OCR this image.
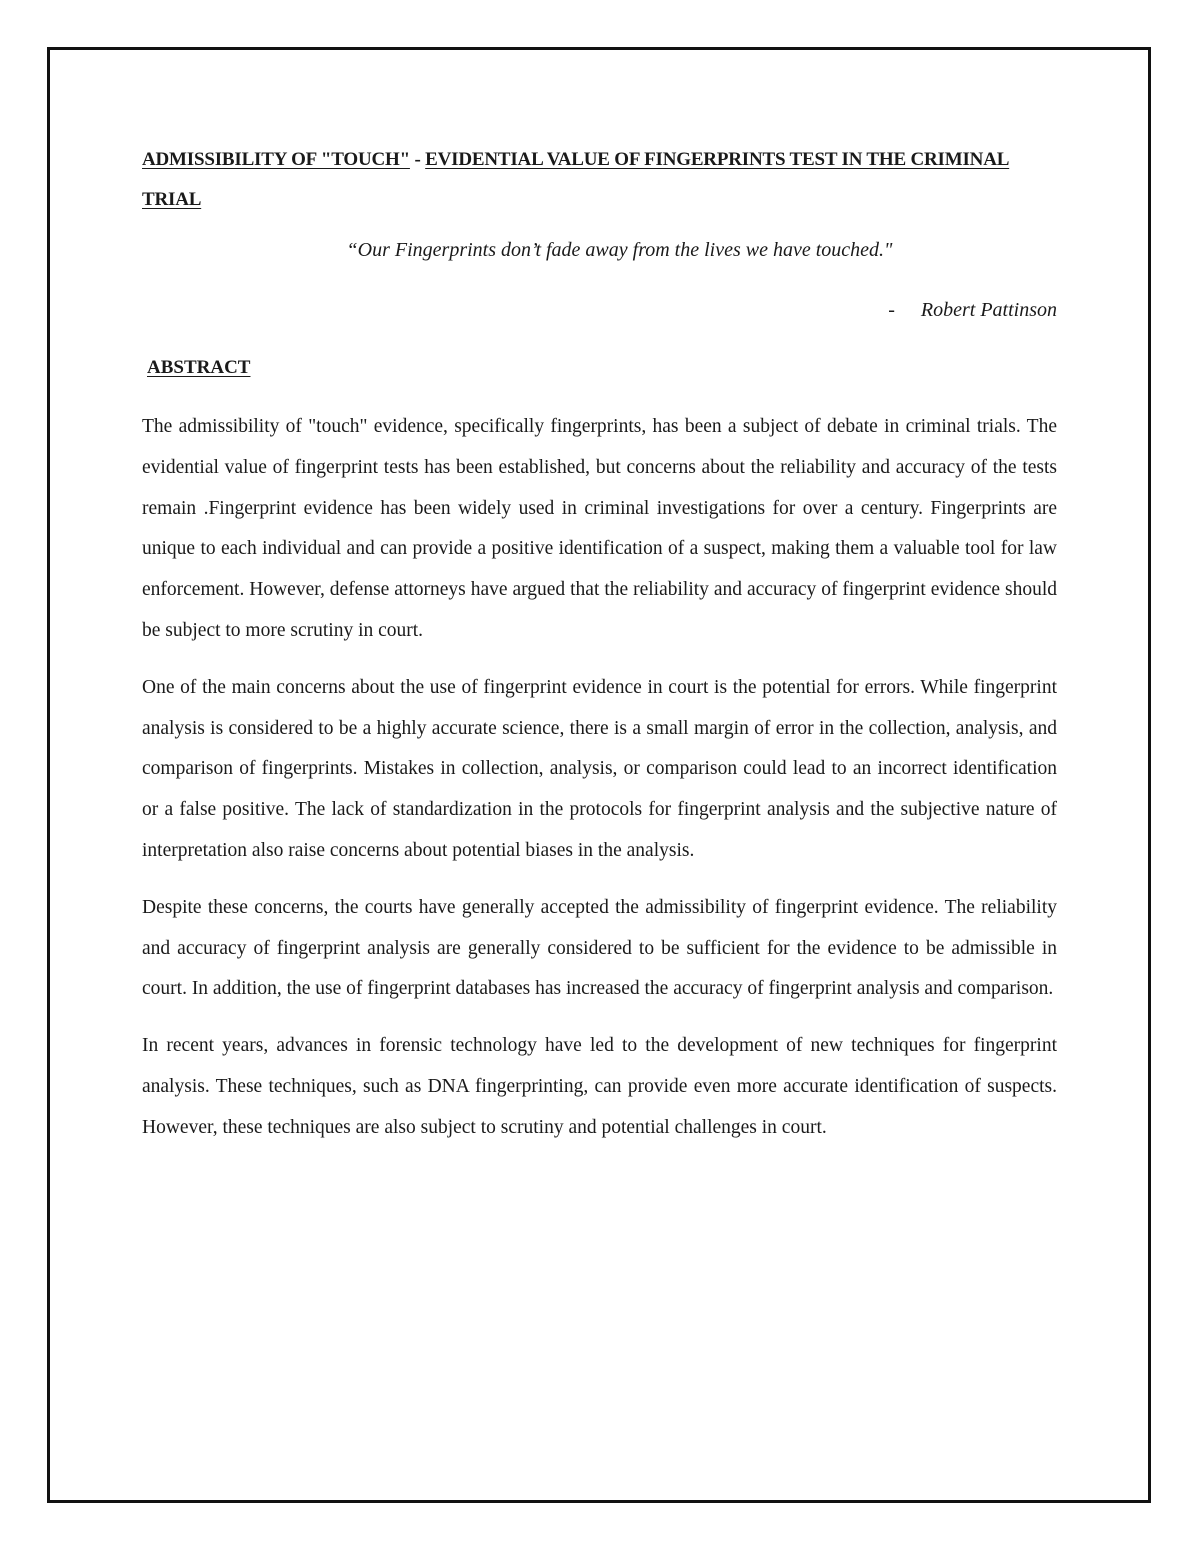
ADMISSIBILITY OF "TOUCH" - EVIDENTIAL VALUE OF FINGERPRINTS TEST IN THE CRIMINAL TRIAL

“Our Fingerprints don’t fade away from the lives we have touched."

- Robert Pattinson

ABSTRACT

The admissibility of "touch" evidence, specifically fingerprints, has been a subject of debate in criminal trials. The evidential value of fingerprint tests has been established, but concerns about the reliability and accuracy of the tests remain .Fingerprint evidence has been widely used in criminal investigations for over a century. Fingerprints are unique to each individual and can provide a positive identification of a suspect, making them a valuable tool for law enforcement. However, defense attorneys have argued that the reliability and accuracy of fingerprint evidence should be subject to more scrutiny in court.

One of the main concerns about the use of fingerprint evidence in court is the potential for errors. While fingerprint analysis is considered to be a highly accurate science, there is a small margin of error in the collection, analysis, and comparison of fingerprints. Mistakes in collection, analysis, or comparison could lead to an incorrect identification or a false positive. The lack of standardization in the protocols for fingerprint analysis and the subjective nature of interpretation also raise concerns about potential biases in the analysis.

Despite these concerns, the courts have generally accepted the admissibility of fingerprint evidence. The reliability and accuracy of fingerprint analysis are generally considered to be sufficient for the evidence to be admissible in court. In addition, the use of fingerprint databases has increased the accuracy of fingerprint analysis and comparison.

In recent years, advances in forensic technology have led to the development of new techniques for fingerprint analysis. These techniques, such as DNA fingerprinting, can provide even more accurate identification of suspects. However, these techniques are also subject to scrutiny and potential challenges in court.
